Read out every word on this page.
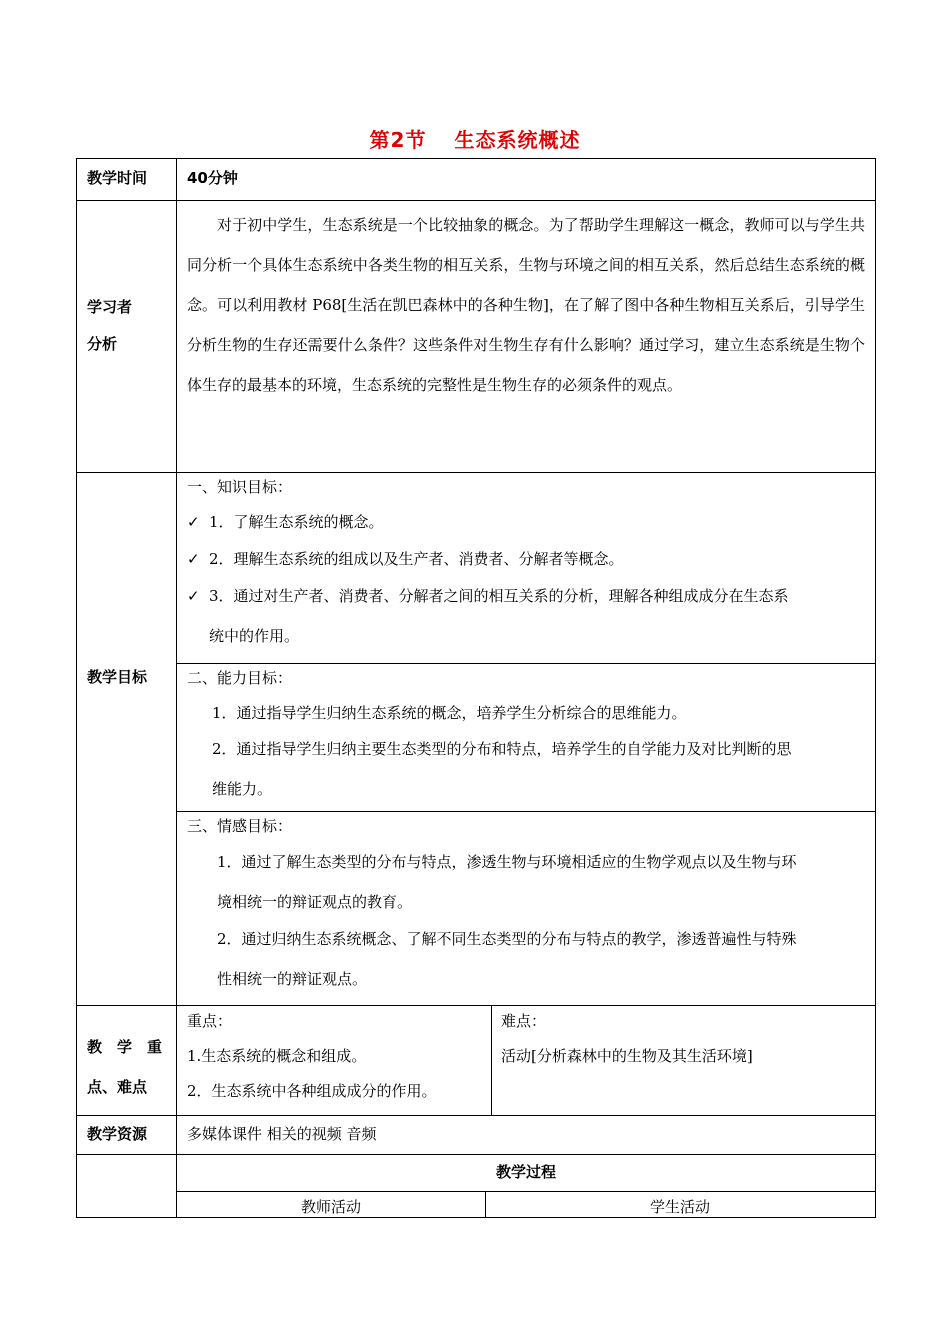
第2节 生态系统概述
教学时间	40分钟
学习者
分析
对于初中学生，生态系统是一个比较抽象的概念。为了帮助学生理解这一概念，教师可以与学生共同分析一个具体生态系统中各类生物的相互关系，生物与环境之间的相互关系，然后总结生态系统的概念。可以利用教材 P68[生活在凯巴森林中的各种生物]，在了解了图中各种生物相互关系后，引导学生分析生物的生存还需要什么条件？这些条件对生物生存有什么影响？通过学习，建立生态系统是生物个体生存的最基本的环境，生态系统的完整性是生物生存的必须条件的观点。
教学目标
一、知识目标：
✓ 1．了解生态系统的概念。
✓ 2．理解生态系统的组成以及生产者、消费者、分解者等概念。
✓ 3．通过对生产者、消费者、分解者之间的相互关系的分析，理解各种组成成分在生态系
统中的作用。
二、能力目标：
1．通过指导学生归纳生态系统的概念，培养学生分析综合的思维能力。
2．通过指导学生归纳主要生态类型的分布和特点，培养学生的自学能力及对比判断的思
维能力。
三、情感目标：
1．通过了解生态类型的分布与特点，渗透生物与环境相适应的生物学观点以及生物与环
境相统一的辩证观点的教育。
2．通过归纳生态系统概念、了解不同生态类型的分布与特点的教学，渗透普遍性与特殊
性相统一的辩证观点。
教　学　重
点、难点
重点：
1.生态系统的概念和组成。
2．生态系统中各种组成成分的作用。
难点：
活动[分析森林中的生物及其生活环境]
教学资源	多媒体课件 相关的视频 音频
教学过程
教师活动	学生活动
